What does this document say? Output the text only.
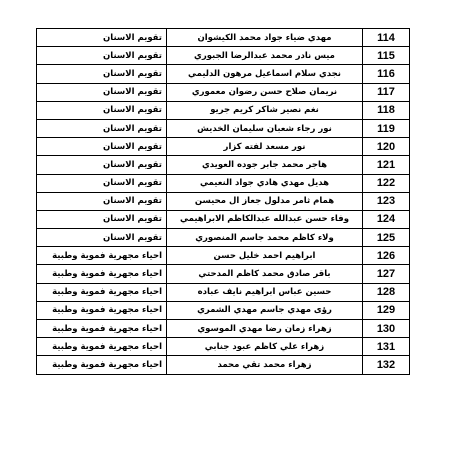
تقويم الاسنان	مهدي ضياء جواد محمد الكيشوان	114
تقويم الاسنان	ميس نادر محمد عبدالرضا الجبوري	115
تقويم الاسنان	نجدي سلام اسماعيل مرهون الدليمي	116
تقويم الاسنان	نريمان صلاح حسن رضوان معموري	117
تقويم الاسنان	نغم نصير شاكر كريم جريو	118
تقويم الاسنان	نور رجاء شعبان سليمان الخديش	119
تقويم الاسنان	نور مسعد لفته كزار	120
تقويم الاسنان	هاجر محمد جابر جوده العويدي	121
تقويم الاسنان	هديل مهدي هادي جواد النعيمي	122
تقويم الاسنان	همام ثامر مدلول جعاز ال محيسن	123
تقويم الاسنان	وفاء حسن عبدالله عبدالكاظم الابراهيمي	124
تقويم الاسنان	ولاء كاظم محمد جاسم المنصوري	125
احياء مجهرية فموية وطبية	ابراهيم احمد خليل حسن	126
احياء مجهرية فموية وطبية	باقر صادق محمد كاظم المدحتي	127
احياء مجهرية فموية وطبية	حسين عباس ابراهيم نايف عباده	128
احياء مجهرية فموية وطبية	رؤى مهدي جاسم مهدي الشمري	129
احياء مجهرية فموية وطبية	زهراء زمان رضا مهدي الموسوي	130
احياء مجهرية فموية وطبية	زهراء علي كاظم عبود جنابي	131
احياء مجهرية فموية وطبية	زهراء محمد تقي محمد	132
